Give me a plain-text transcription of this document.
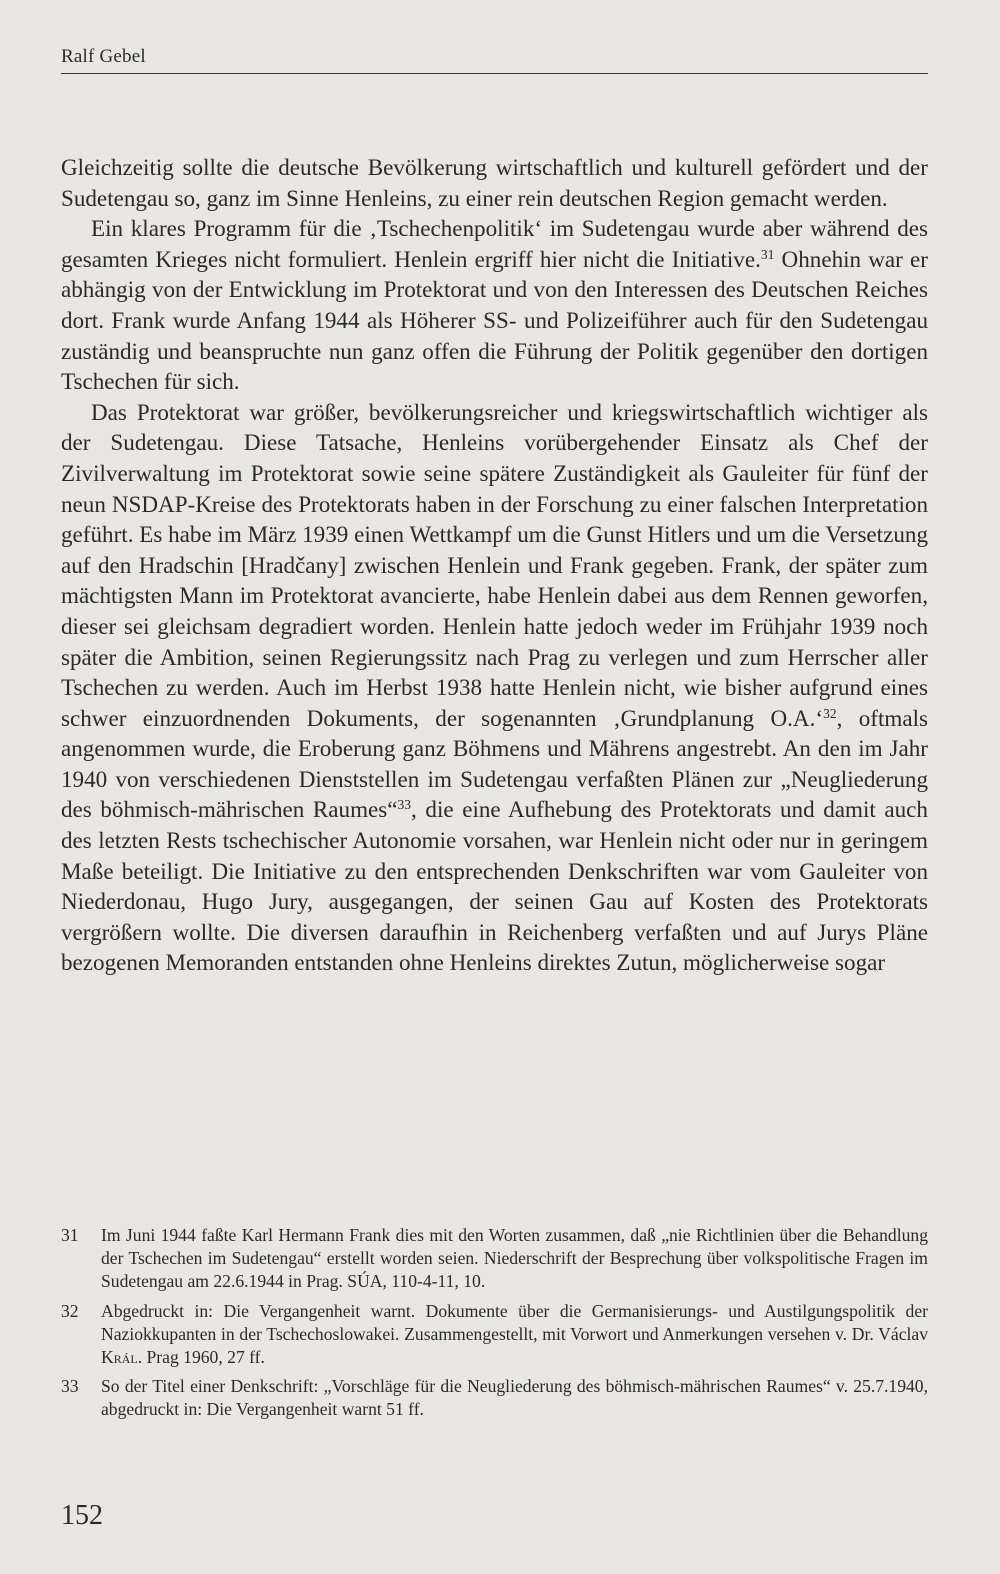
Ralf Gebel

Gleichzeitig sollte die deutsche Bevölkerung wirtschaftlich und kulturell gefördert und der Sudetengau so, ganz im Sinne Henleins, zu einer rein deutschen Region gemacht werden.

Ein klares Programm für die ‚Tschechenpolitik‘ im Sudetengau wurde aber während des gesamten Krieges nicht formuliert. Henlein ergriff hier nicht die Initiative.$^{31}$ Ohnehin war er abhängig von der Entwicklung im Protektorat und von den Interessen des Deutschen Reiches dort. Frank wurde Anfang 1944 als Höherer SS- und Polizeiführer auch für den Sudetengau zuständig und beanspruchte nun ganz offen die Führung der Politik gegenüber den dortigen Tschechen für sich.

Das Protektorat war größer, bevölkerungsreicher und kriegswirtschaftlich wichtiger als der Sudetengau. Diese Tatsache, Henleins vorübergehender Einsatz als Chef der Zivilverwaltung im Protektorat sowie seine spätere Zuständigkeit als Gauleiter für fünf der neun NSDAP-Kreise des Protektorats haben in der Forschung zu einer falschen Interpretation geführt. Es habe im März 1939 einen Wettkampf um die Gunst Hitlers und um die Versetzung auf den Hradschin [Hradčany] zwischen Henlein und Frank gegeben. Frank, der später zum mächtigsten Mann im Protektorat avancierte, habe Henlein dabei aus dem Rennen geworfen, dieser sei gleichsam degradiert worden. Henlein hatte jedoch weder im Frühjahr 1939 noch später die Ambition, seinen Regierungssitz nach Prag zu verlegen und zum Herrscher aller Tschechen zu werden. Auch im Herbst 1938 hatte Henlein nicht, wie bisher aufgrund eines schwer einzuordnenden Dokuments, der sogenannten ‚Grundplanung O.A.‘$^{32}$, oftmals angenommen wurde, die Eroberung ganz Böhmens und Mährens angestrebt. An den im Jahr 1940 von verschiedenen Dienststellen im Sudetengau verfaßten Plänen zur „Neugliederung des böhmisch-mährischen Raumes“$^{33}$, die eine Aufhebung des Protektorats und damit auch des letzten Rests tschechischer Autonomie vorsahen, war Henlein nicht oder nur in geringem Maße beteiligt. Die Initiative zu den entsprechenden Denkschriften war vom Gauleiter von Niederdonau, Hugo Jury, ausgegangen, der seinen Gau auf Kosten des Protektorats vergrößern wollte. Die diversen daraufhin in Reichenberg verfaßten und auf Jurys Pläne bezogenen Memoranden entstanden ohne Henleins direktes Zutun, möglicherweise sogar

31	Im Juni 1944 faßte Karl Hermann Frank dies mit den Worten zusammen, daß „nie Richtlinien über die Behandlung der Tschechen im Sudetengau“ erstellt worden seien. Niederschrift der Besprechung über volkspolitische Fragen im Sudetengau am 22.6.1944 in Prag. SÚA, 110-4-11, 10.
32	Abgedruckt in: Die Vergangenheit warnt. Dokumente über die Germanisierungs- und Austilgungspolitik der Naziokkupanten in der Tschechoslowakei. Zusammengestellt, mit Vorwort und Anmerkungen versehen v. Dr. Václav Král. Prag 1960, 27 ff.
33	So der Titel einer Denkschrift: „Vorschläge für die Neugliederung des böhmisch-mährischen Raumes“ v. 25.7.1940, abgedruckt in: Die Vergangenheit warnt 51 ff.
152
